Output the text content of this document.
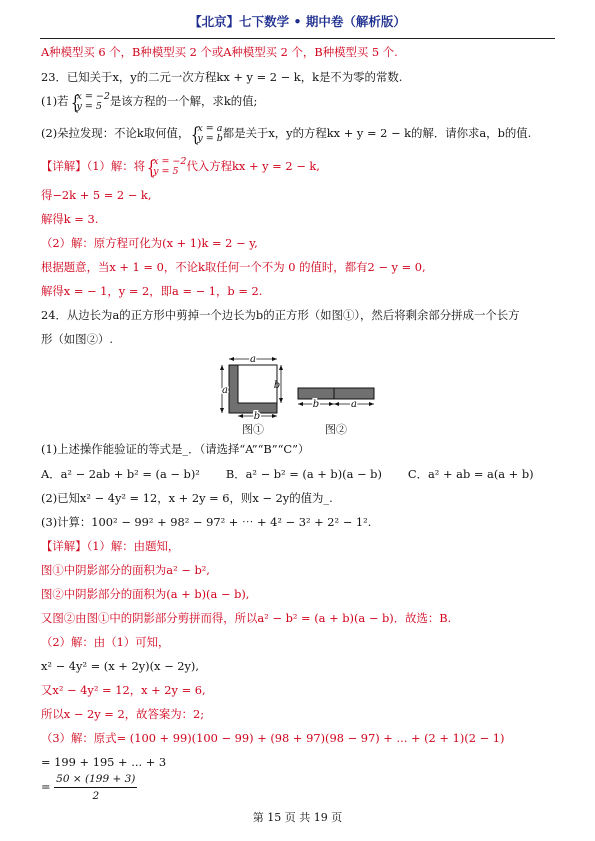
【北京】七下数学 • 期中卷（解析版）
A种模型买 6 个，B种模型买 2 个或A种模型买 2 个，B种模型买 5 个.
23．已知关于x，y的二元一次方程kx + y = 2 − k，k是不为零的常数.
(1)若 { x = −2
y = 5 是该方程的一个解，求k的值;
(2)朵拉发现：不论k取何值， { x = a
y = b 都是关于x，y的方程kx + y = 2 − k的解．请你求a，b的值.
【详解】（1）解：将 { x = −2
y = 5 代入方程kx + y = 2 − k,
得−2k + 5 = 2 − k,
解得k = 3.
（2）解：原方程可化为(x + 1)k = 2 − y,
根据题意，当x + 1 = 0，不论k取任何一个不为 0 的值时，都有2 − y = 0,
解得x = − 1，y = 2，即a = − 1，b = 2.
24．从边长为a的正方形中剪掉一个边长为b的正方形（如图①），然后将剩余部分拼成一个长方
形（如图②）.
a
a	b
b
图①
b	a
图②
(1)上述操作能验证的等式是_．（请选择“A”“B”“C”）
A．a² − 2ab + b² = (a − b)² B．a² − b² = (a + b)(a − b) C．a² + ab = a(a + b)
(2)已知x² − 4y² = 12，x + 2y = 6，则x − 2y的值为_.
(3)计算：100² − 99² + 98² − 97² + ⋯ + 4² − 3² + 2² − 1².
【详解】（1）解：由题知，
图①中阴影部分的面积为a² − b²,
图②中阴影部分的面积为(a + b)(a − b),
又图②由图①中的阴影部分剪拼而得，所以a² − b² = (a + b)(a − b)．故选：B.
（2）解：由（1）可知，
x² − 4y² = (x + 2y)(x − 2y),
又x² − 4y² = 12，x + 2y = 6,
所以x − 2y = 2，故答案为：2;
（3）解：原式= (100 + 99)(100 − 99) + (98 + 97)(98 − 97) + ... + (2 + 1)(2 − 1)
= 199 + 195 + ... + 3
= $\frac{50 \times (199 + 3)}{2}$
第 15 页 共 19 页
